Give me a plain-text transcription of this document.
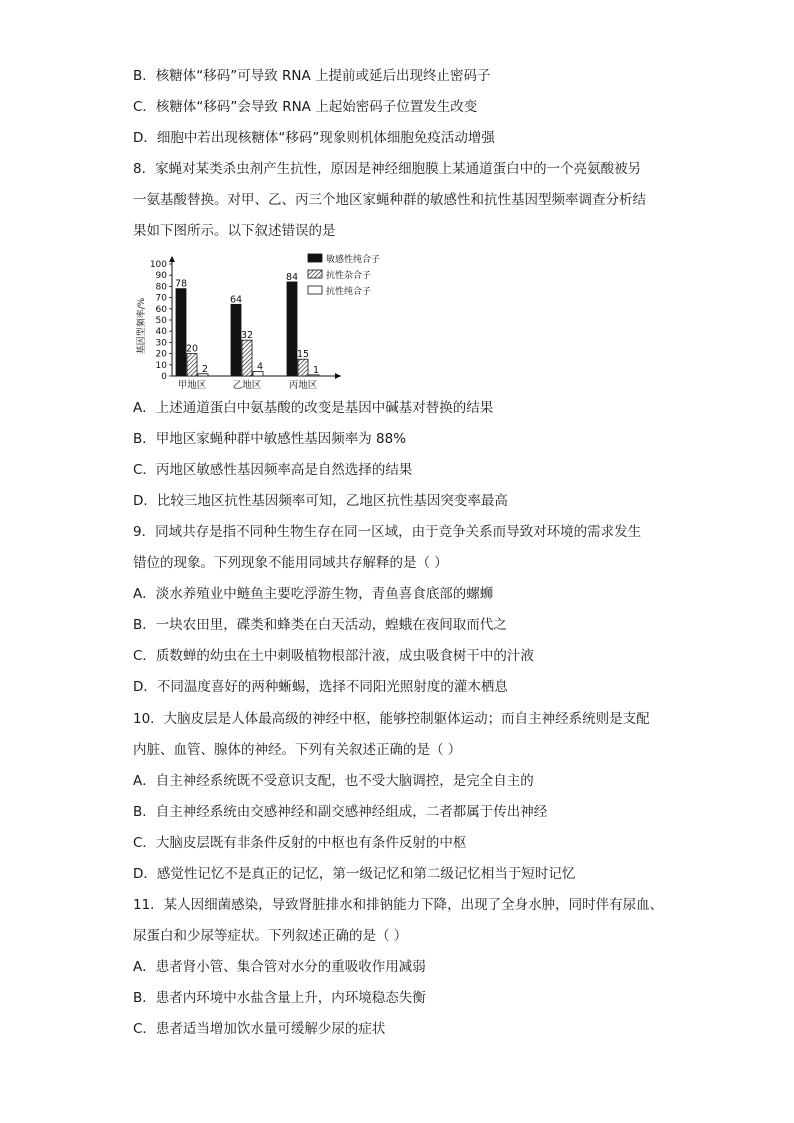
B．核糖体“移码”可导致 RNA 上提前或延后出现终止密码子
C．核糖体“移码”会导致 RNA 上起始密码子位置发生改变
D．细胞中若出现核糖体“移码”现象则机体细胞免疫活动增强
8．家蝇对某类杀虫剂产生抗性，原因是神经细胞膜上某通道蛋白中的一个亮氨酸被另
一氨基酸替换。对甲、乙、丙三个地区家蝇种群的敏感性和抗性基因型频率调查分析结
果如下图所示。以下叙述错误的是
0
10
20
30
40
50
60
70
80
90
100
基因型频率/%
78
20
2
甲地区
64
32
4
乙地区
84
15
1
丙地区
敏感性纯合子
抗性杂合子
抗性纯合子
A．上述通道蛋白中氨基酸的改变是基因中碱基对替换的结果
B．甲地区家蝇种群中敏感性基因频率为 88%
C．丙地区敏感性基因频率高是自然选择的结果
D．比较三地区抗性基因频率可知，乙地区抗性基因突变率最高
9．同域共存是指不同种生物生存在同一区域，由于竞争关系而导致对环境的需求发生
错位的现象。下列现象不能用同域共存解释的是（ ）
A．淡水养殖业中鲢鱼主要吃浮游生物，青鱼喜食底部的螺蛳
B．一块农田里，碟类和蜂类在白天活动，蝗蛾在夜间取而代之
C．质数蝉的幼虫在土中刺吸植物根部汁液，成虫吸食树干中的汁液
D．不同温度喜好的两种蜥蜴，选择不同阳光照射度的灌木栖息
10．大脑皮层是人体最高级的神经中枢，能够控制躯体运动；而自主神经系统则是支配
内脏、血管、腺体的神经。下列有关叙述正确的是（ ）
A．自主神经系统既不受意识支配，也不受大脑调控，是完全自主的
B．自主神经系统由交感神经和副交感神经组成，二者都属于传出神经
C．大脑皮层既有非条件反射的中枢也有条件反射的中枢
D．感觉性记忆不是真正的记忆，第一级记忆和第二级记忆相当于短时记忆
11．某人因细菌感染，导致肾脏排水和排钠能力下降，出现了全身水肿，同时伴有尿血、
尿蛋白和少尿等症状。下列叙述正确的是（ ）
A．患者肾小管、集合管对水分的重吸收作用减弱
B．患者内环境中水盐含量上升，内环境稳态失衡
C．患者适当增加饮水量可缓解少尿的症状
